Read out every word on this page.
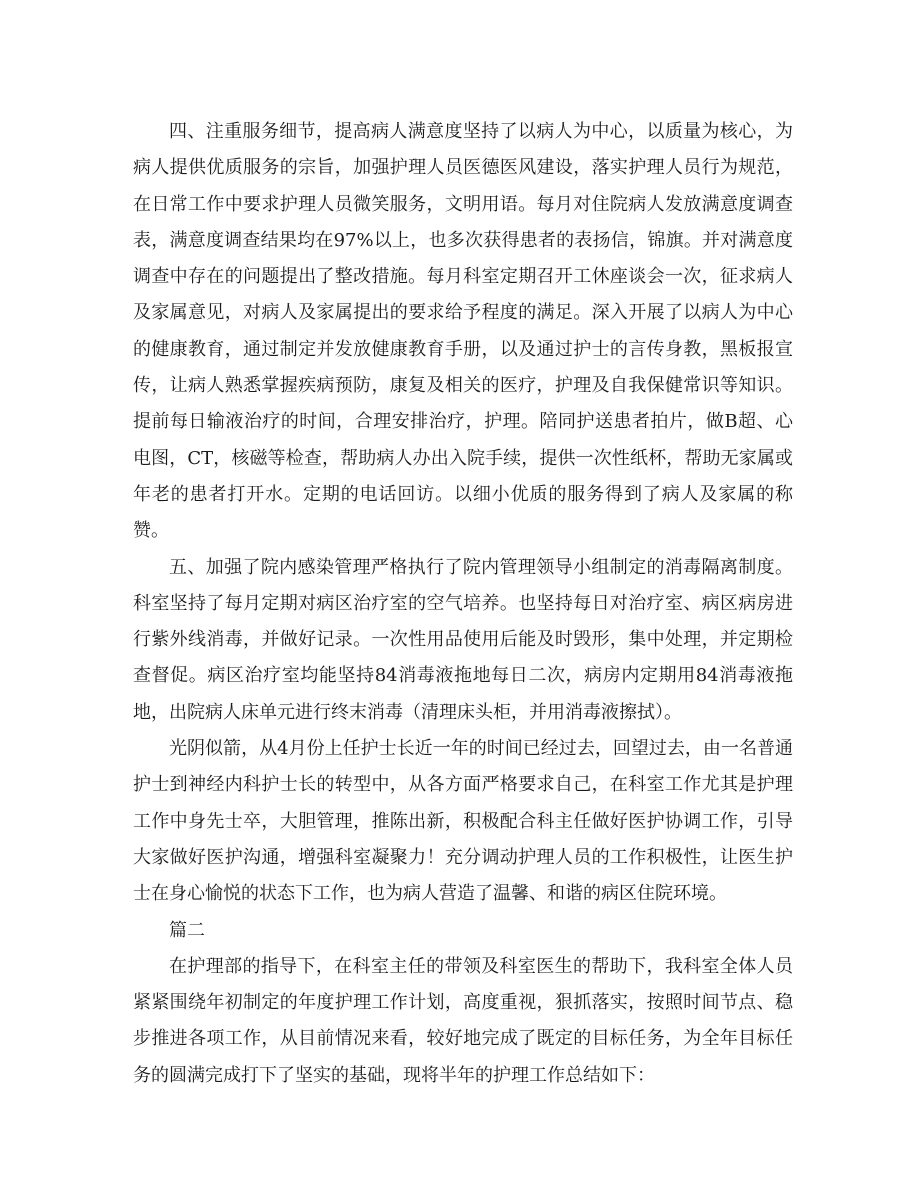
四、注重服务细节，提高病人满意度坚持了以病人为中心，以质量为核心，为病人提供优质服务的宗旨，加强护理人员医德医风建设，落实护理人员行为规范，在日常工作中要求护理人员微笑服务，文明用语。每月对住院病人发放满意度调查表，满意度调查结果均在97%以上，也多次获得患者的表扬信，锦旗。并对满意度调查中存在的问题提出了整改措施。每月科室定期召开工休座谈会一次，征求病人及家属意见，对病人及家属提出的要求给予程度的满足。深入开展了以病人为中心的健康教育，通过制定并发放健康教育手册，以及通过护士的言传身教，黑板报宣传，让病人熟悉掌握疾病预防，康复及相关的医疗，护理及自我保健常识等知识。提前每日输液治疗的时间，合理安排治疗，护理。陪同护送患者拍片，做B超、心电图，CT，核磁等检查，帮助病人办出入院手续，提供一次性纸杯，帮助无家属或年老的患者打开水。定期的电话回访。以细小优质的服务得到了病人及家属的称赞。

五、加强了院内感染管理严格执行了院内管理领导小组制定的消毒隔离制度。科室坚持了每月定期对病区治疗室的空气培养。也坚持每日对治疗室、病区病房进行紫外线消毒，并做好记录。一次性用品使用后能及时毁形，集中处理，并定期检查督促。病区治疗室均能坚持84消毒液拖地每日二次，病房内定期用84消毒液拖地，出院病人床单元进行终末消毒（清理床头柜，并用消毒液擦拭）。

光阴似箭，从4月份上任护士长近一年的时间已经过去，回望过去，由一名普通护士到神经内科护士长的转型中，从各方面严格要求自己，在科室工作尤其是护理工作中身先士卒，大胆管理，推陈出新，积极配合科主任做好医护协调工作，引导大家做好医护沟通，增强科室凝聚力！充分调动护理人员的工作积极性，让医生护士在身心愉悦的状态下工作，也为病人营造了温馨、和谐的病区住院环境。

篇二

在护理部的指导下，在科室主任的带领及科室医生的帮助下，我科室全体人员紧紧围绕年初制定的年度护理工作计划，高度重视，狠抓落实，按照时间节点、稳步推进各项工作，从目前情况来看，较好地完成了既定的目标任务，为全年目标任务的圆满完成打下了坚实的基础，现将半年的护理工作总结如下：
